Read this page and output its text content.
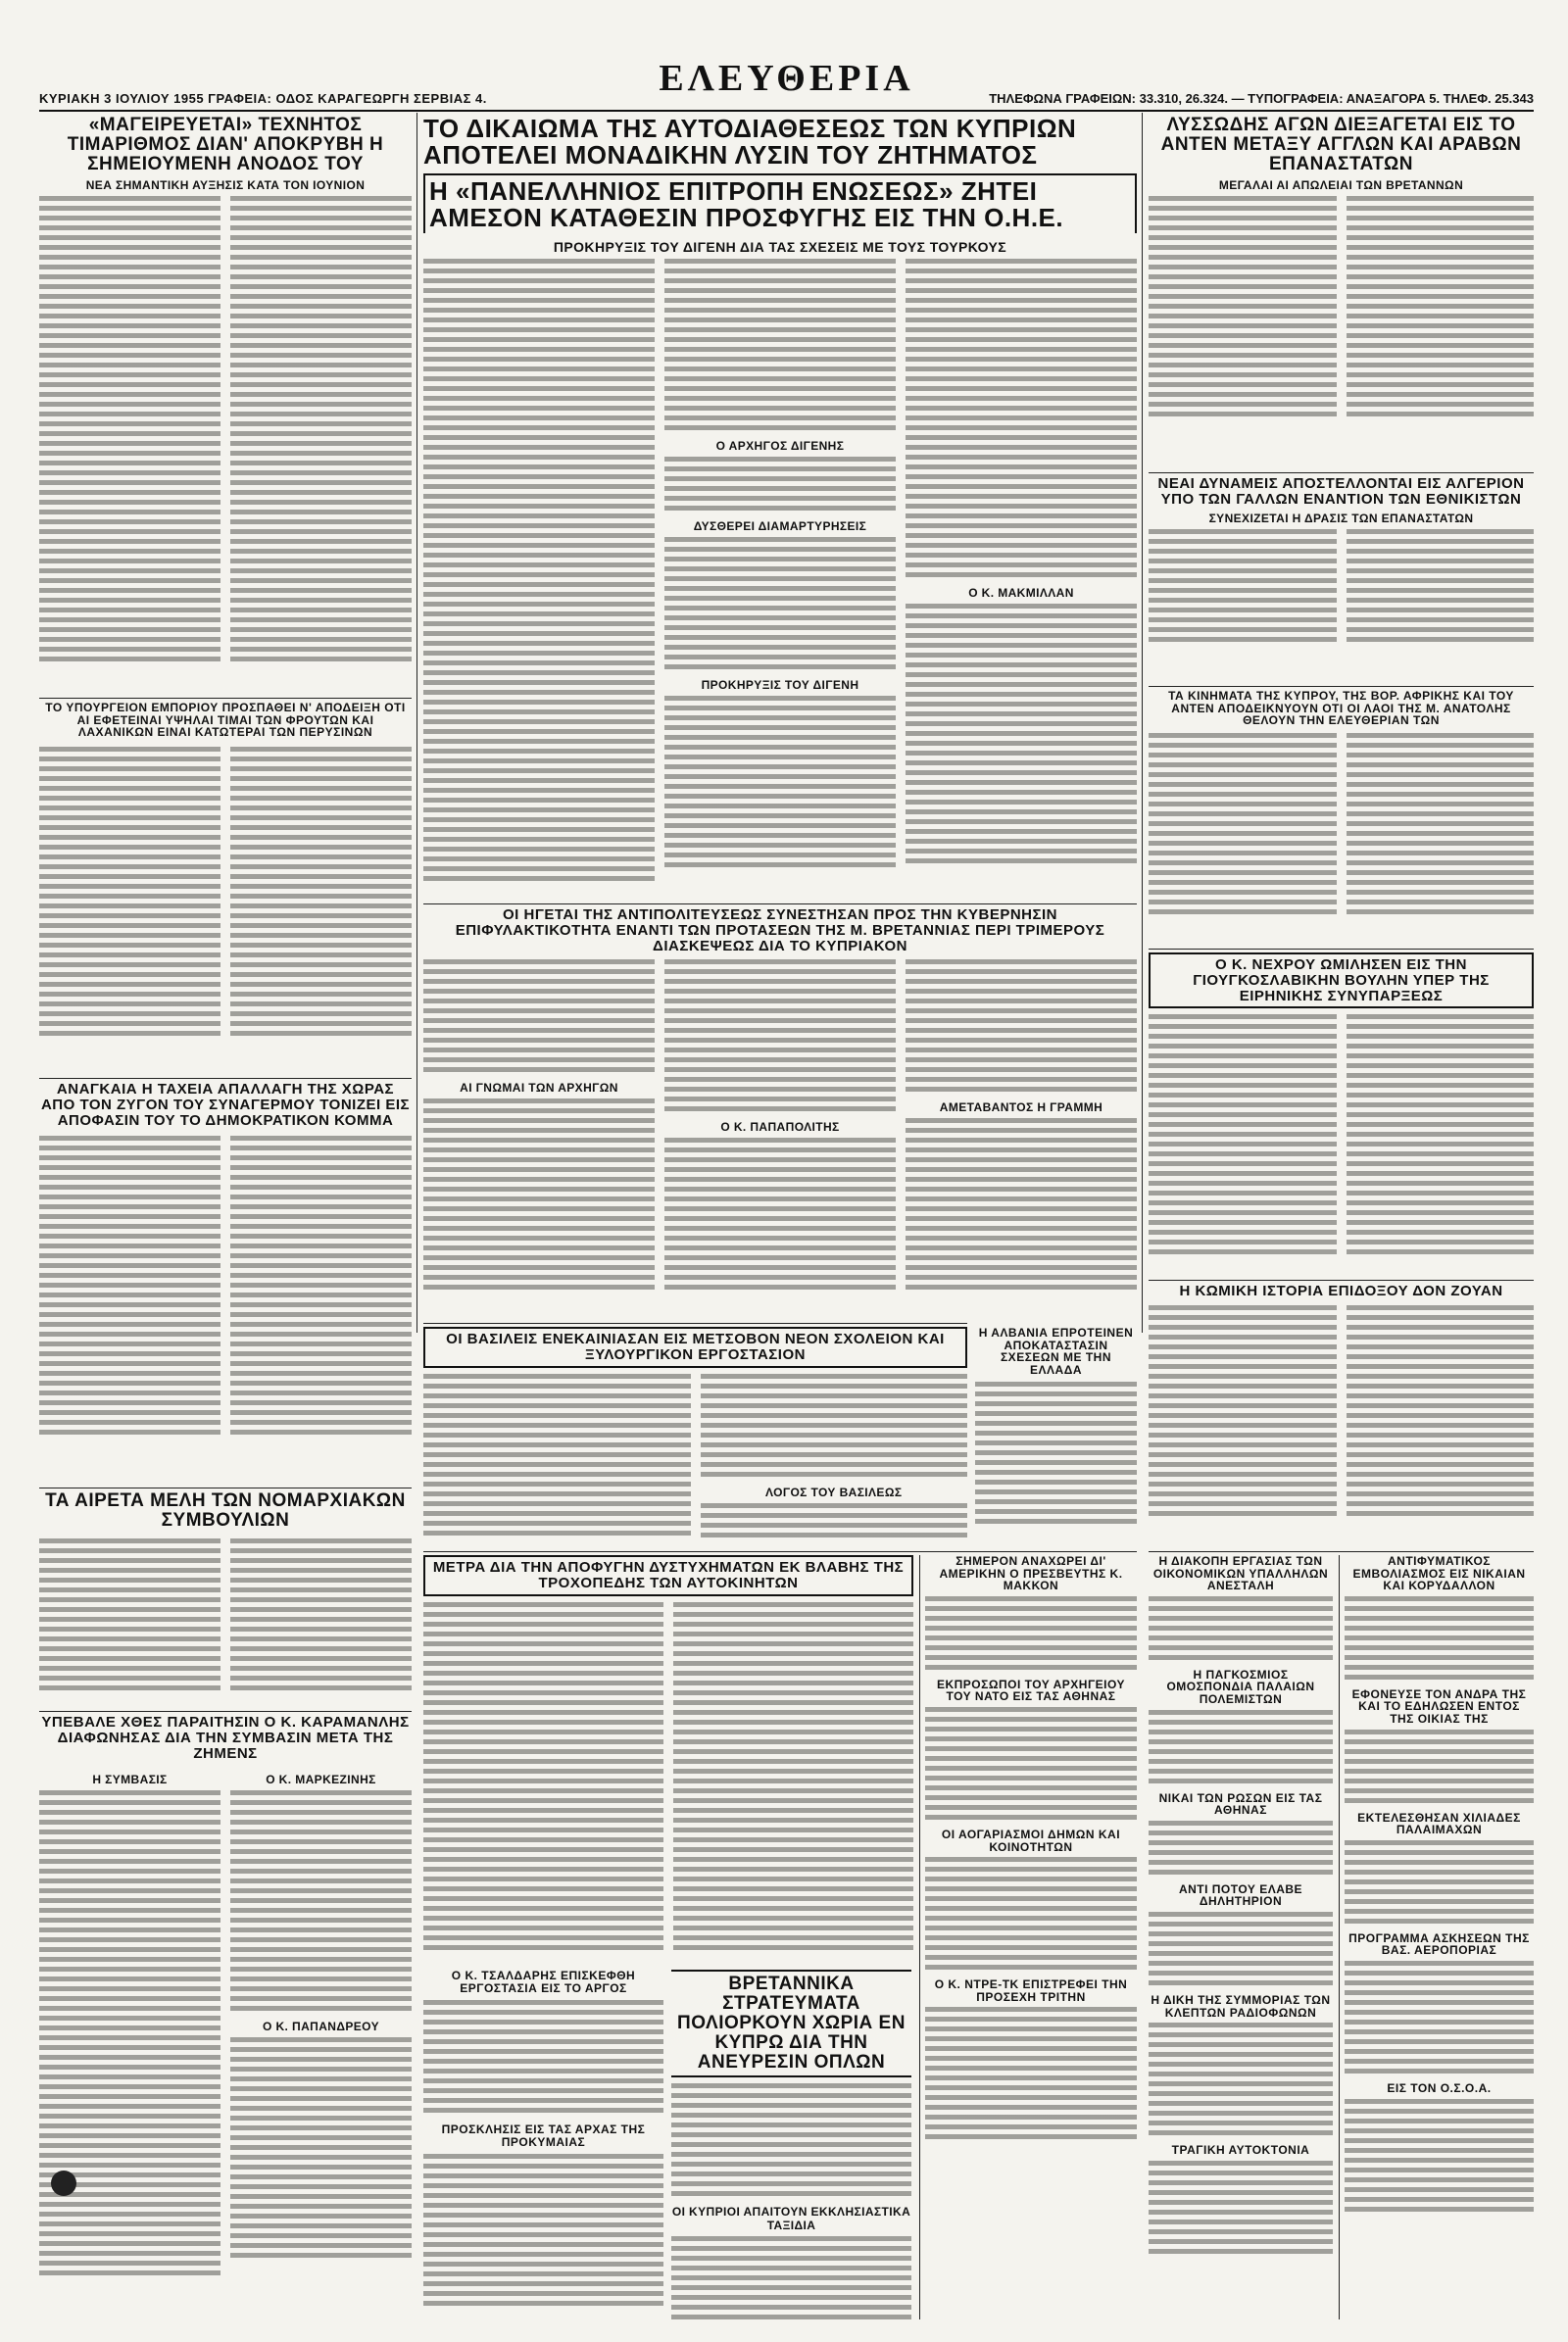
ΚΥΡΙΑΚΗ 3 ΙΟΥΛΙΟΥ 1955 ΓΡΑΦΕΙΑ: ΟΔΟΣ ΚΑΡΑΓΕΩΡΓΗ ΣΕΡΒΙΑΣ 4.	ΕΛΕΥΘΕΡΙΑ	ΤΗΛΕΦΩΝΑ ΓΡΑΦΕΙΩΝ: 33.310, 26.324. — ΤΥΠΟΓΡΑΦΕΙΑ: ΑΝΑΞΑΓΟΡΑ 5. ΤΗΛΕΦ. 25.343
«ΜΑΓΕΙΡΕΥΕΤΑΙ» ΤΕΧΝΗΤΟΣ ΤΙΜΑΡΙΘΜΟΣ ΔΙΑΝ' ΑΠΟΚΡΥΒΗ Η ΣΗΜΕΙΟΥΜΕΝΗ ΑΝΟΔΟΣ ΤΟΥ
ΝΕΑ ΣΗΜΑΝΤΙΚΗ ΑΥΞΗΣΙΣ ΚΑΤΑ ΤΟΝ ΙΟΥΝΙΟΝ
ΤΟ ΥΠΟΥΡΓΕΙΟΝ ΕΜΠΟΡΙΟΥ ΠΡΟΣΠΑΘΕΙ Ν' ΑΠΟΔΕΙΞΗ ΟΤΙ ΑΙ ΕΦΕΤΕΙΝΑΙ ΥΨΗΛΑΙ ΤΙΜΑΙ ΤΩΝ ΦΡΟΥΤΩΝ ΚΑΙ ΛΑΧΑΝΙΚΩΝ ΕΙΝΑΙ ΚΑΤΩΤΕΡΑΙ ΤΩΝ ΠΕΡΥΣΙΝΩΝ
ΑΝΑΓΚΑΙΑ Η ΤΑΧΕΙΑ ΑΠΑΛΛΑΓΗ ΤΗΣ ΧΩΡΑΣ ΑΠΟ ΤΟΝ ΖΥΓΟΝ ΤΟΥ ΣΥΝΑΓΕΡΜΟΥ ΤΟΝΙΖΕΙ ΕΙΣ ΑΠΟΦΑΣΙΝ ΤΟΥ ΤΟ ΔΗΜΟΚΡΑΤΙΚΟΝ ΚΟΜΜΑ
ΤΑ ΑΙΡΕΤΑ ΜΕΛΗ ΤΩΝ ΝΟΜΑΡΧΙΑΚΩΝ ΣΥΜΒΟΥΛΙΩΝ
ΥΠΕΒΑΛΕ ΧΘΕΣ ΠΑΡΑΙΤΗΣΙΝ Ο Κ. ΚΑΡΑΜΑΝΛΗΣ ΔΙΑΦΩΝΗΣΑΣ ΔΙΑ ΤΗΝ ΣΥΜΒΑΣΙΝ ΜΕΤΑ ΤΗΣ ΖΗΜΕΝΣ
Η ΣΥΜΒΑΣΙΣ	Ο Κ. ΜΑΡΚΕΖΙΝΗΣ
Ο Κ. ΠΑΠΑΝΔΡΕΟΥ
ΤΟ ΔΙΚΑΙΩΜΑ ΤΗΣ ΑΥΤΟΔΙΑΘΕΣΕΩΣ ΤΩΝ ΚΥΠΡΙΩΝ ΑΠΟΤΕΛΕΙ ΜΟΝΑΔΙΚΗΝ ΛΥΣΙΝ ΤΟΥ ΖΗΤΗΜΑΤΟΣ
Η «ΠΑΝΕΛΛΗΝΙΟΣ ΕΠΙΤΡΟΠΗ ΕΝΩΣΕΩΣ» ΖΗΤΕΙ ΑΜΕΣΟΝ ΚΑΤΑΘΕΣΙΝ ΠΡΟΣΦΥΓΗΣ ΕΙΣ ΤΗΝ Ο.Η.Ε.
ΠΡΟΚΗΡΥΞΙΣ ΤΟΥ ΔΙΓΕΝΗ ΔΙΑ ΤΑΣ ΣΧΕΣΕΙΣ ΜΕ ΤΟΥΣ ΤΟΥΡΚΟΥΣ
Ο ΑΡΧΗΓΟΣ ΔΙΓΕΝΗΣ
ΔΥΣΘΕΡΕΙ ΔΙΑΜΑΡΤΥΡΗΣΕΙΣ
ΠΡΟΚΗΡΥΞΙΣ ΤΟΥ ΔΙΓΕΝΗ
Ο Κ. ΜΑΚΜΙΛΛΑΝ
ΟΙ ΗΓΕΤΑΙ ΤΗΣ ΑΝΤΙΠΟΛΙΤΕΥΣΕΩΣ ΣΥΝΕΣΤΗΣΑΝ ΠΡΟΣ ΤΗΝ ΚΥΒΕΡΝΗΣΙΝ ΕΠΙΦΥΛΑΚΤΙΚΟΤΗΤΑ ΕΝΑΝΤΙ ΤΩΝ ΠΡΟΤΑΣΕΩΝ ΤΗΣ Μ. ΒΡΕΤΑΝΝΙΑΣ ΠΕΡΙ ΤΡΙΜΕΡΟΥΣ ΔΙΑΣΚΕΨΕΩΣ ΔΙΑ ΤΟ ΚΥΠΡΙΑΚΟΝ
ΑΙ ΓΝΩΜΑΙ ΤΩΝ ΑΡΧΗΓΩΝ
Ο Κ. ΠΑΠΑΠΟΛΙΤΗΣ
ΑΜΕΤΑΒΑΝΤΟΣ Η ΓΡΑΜΜΗ
ΟΙ ΒΑΣΙΛΕΙΣ ΕΝΕΚΑΙΝΙΑΣΑΝ ΕΙΣ ΜΕΤΣΟΒΟΝ ΝΕΟΝ ΣΧΟΛΕΙΟΝ ΚΑΙ ΞΥΛΟΥΡΓΙΚΟΝ ΕΡΓΟΣΤΑΣΙΟΝ
ΛΟΓΟΣ ΤΟΥ ΒΑΣΙΛΕΩΣ
Η ΑΛΒΑΝΙΑ ΕΠΡΟΤΕΙΝΕΝ ΑΠΟΚΑΤΑΣΤΑΣΙΝ ΣΧΕΣΕΩΝ ΜΕ ΤΗΝ ΕΛΛΑΔΑ
ΜΕΤΡΑ ΔΙΑ ΤΗΝ ΑΠΟΦΥΓΗΝ ΔΥΣΤΥΧΗΜΑΤΩΝ ΕΚ ΒΛΑΒΗΣ ΤΗΣ ΤΡΟΧΟΠΕΔΗΣ ΤΩΝ ΑΥΤΟΚΙΝΗΤΩΝ
Ο Κ. ΤΣΑΛΔΑΡΗΣ ΕΠΙΣΚΕΦΘΗ ΕΡΓΟΣΤΑΣΙΑ ΕΙΣ ΤΟ ΑΡΓΟΣ
ΠΡΟΣΚΛΗΣΙΣ ΕΙΣ ΤΑΣ ΑΡΧΑΣ ΤΗΣ ΠΡΟΚΥΜΑΙΑΣ
ΒΡΕΤΑΝΝΙΚΑ ΣΤΡΑΤΕΥΜΑΤΑ ΠΟΛΙΟΡΚΟΥΝ ΧΩΡΙΑ ΕΝ ΚΥΠΡΩ ΔΙΑ ΤΗΝ ΑΝΕΥΡΕΣΙΝ ΟΠΛΩΝ
ΟΙ ΚΥΠΡΙΟΙ ΑΠΑΙΤΟΥΝ ΕΚΚΛΗΣΙΑΣΤΙΚΑ ΤΑΞΙΔΙΑ
ΣΗΜΕΡΟΝ ΑΝΑΧΩΡΕΙ ΔΙ' ΑΜΕΡΙΚΗΝ Ο ΠΡΕΣΒΕΥΤΗΣ Κ. ΜΑΚΚΟΝ
ΕΚΠΡΟΣΩΠΟΙ ΤΟΥ ΑΡΧΗΓΕΙΟΥ ΤΟΥ ΝΑΤΟ ΕΙΣ ΤΑΣ ΑΘΗΝΑΣ
ΟΙ ΑΟΓΑΡΙΑΣΜΟΙ ΔΗΜΩΝ ΚΑΙ ΚΟΙΝΟΤΗΤΩΝ
Ο Κ. ΝΤΡΕ-ΤΚ ΕΠΙΣΤΡΕΦΕΙ ΤΗΝ ΠΡΟΣΕΧΗ ΤΡΙΤΗΝ
ΛΥΣΣΩΔΗΣ ΑΓΩΝ ΔΙΕΞΑΓΕΤΑΙ ΕΙΣ ΤΟ ΑΝΤΕΝ ΜΕΤΑΞΥ ΑΓΓΛΩΝ ΚΑΙ ΑΡΑΒΩΝ ΕΠΑΝΑΣΤΑΤΩΝ
ΜΕΓΑΛΑΙ ΑΙ ΑΠΩΛΕΙΑΙ ΤΩΝ ΒΡΕΤΑΝΝΩΝ
ΝΕΑΙ ΔΥΝΑΜΕΙΣ ΑΠΟΣΤΕΛΛΟΝΤΑΙ ΕΙΣ ΑΛΓΕΡΙΟΝ ΥΠΟ ΤΩΝ ΓΑΛΛΩΝ ΕΝΑΝΤΙΟΝ ΤΩΝ ΕΘΝΙΚΙΣΤΩΝ
ΣΥΝΕΧΙΖΕΤΑΙ Η ΔΡΑΣΙΣ ΤΩΝ ΕΠΑΝΑΣΤΑΤΩΝ
ΤΑ ΚΙΝΗΜΑΤΑ ΤΗΣ ΚΥΠΡΟΥ, ΤΗΣ ΒΟΡ. ΑΦΡΙΚΗΣ ΚΑΙ ΤΟΥ ΑΝΤΕΝ ΑΠΟΔΕΙΚΝΥΟΥΝ ΟΤΙ ΟΙ ΛΑΟΙ ΤΗΣ Μ. ΑΝΑΤΟΛΗΣ ΘΕΛΟΥΝ ΤΗΝ ΕΛΕΥΘΕΡΙΑΝ ΤΩΝ
Ο Κ. ΝΕΧΡΟΥ ΩΜΙΛΗΣΕΝ ΕΙΣ ΤΗΝ ΓΙΟΥΓΚΟΣΛΑΒΙΚΗΝ ΒΟΥΛΗΝ ΥΠΕΡ ΤΗΣ ΕΙΡΗΝΙΚΗΣ ΣΥΝΥΠΑΡΞΕΩΣ
Η ΚΩΜΙΚΗ ΙΣΤΟΡΙΑ ΕΠΙΔΟΞΟΥ ΔΟΝ ΖΟΥΑΝ
Η ΔΙΑΚΟΠΗ ΕΡΓΑΣΙΑΣ ΤΩΝ ΟΙΚΟΝΟΜΙΚΩΝ ΥΠΑΛΛΗΛΩΝ ΑΝΕΣΤΑΛΗ
Η ΠΑΓΚΟΣΜΙΟΣ ΟΜΟΣΠΟΝΔΙΑ ΠΑΛΑΙΩΝ ΠΟΛΕΜΙΣΤΩΝ
ΝΙΚΑΙ ΤΩΝ ΡΩΣΩΝ ΕΙΣ ΤΑΣ ΑΘΗΝΑΣ
ΑΝΤΙ ΠΟΤΟΥ ΕΛΑΒΕ ΔΗΛΗΤΗΡΙΟΝ
Η ΔΙΚΗ ΤΗΣ ΣΥΜΜΟΡΙΑΣ ΤΩΝ ΚΛΕΠΤΩΝ ΡΑΔΙΟΦΩΝΩΝ
ΤΡΑΓΙΚΗ ΑΥΤΟΚΤΟΝΙΑ
ΑΝΤΙΦΥΜΑΤΙΚΟΣ ΕΜΒΟΛΙΑΣΜΟΣ ΕΙΣ ΝΙΚΑΙΑΝ ΚΑΙ ΚΟΡΥΔΑΛΛΟΝ
ΕΦΟΝΕΥΣΕ ΤΟΝ ΑΝΔΡΑ ΤΗΣ ΚΑΙ ΤΟ ΕΔΗΛΩΣΕΝ ΕΝΤΟΣ ΤΗΣ ΟΙΚΙΑΣ ΤΗΣ
ΕΚΤΕΛΕΣΘΗΣΑΝ ΧΙΛΙΑΔΕΣ ΠΑΛΑΙΜΑΧΩΝ
ΠΡΟΓΡΑΜΜΑ ΑΣΚΗΣΕΩΝ ΤΗΣ ΒΑΣ. ΑΕΡΟΠΟΡΙΑΣ
ΕΙΣ ΤΟΝ Ο.Σ.Ο.Α.
